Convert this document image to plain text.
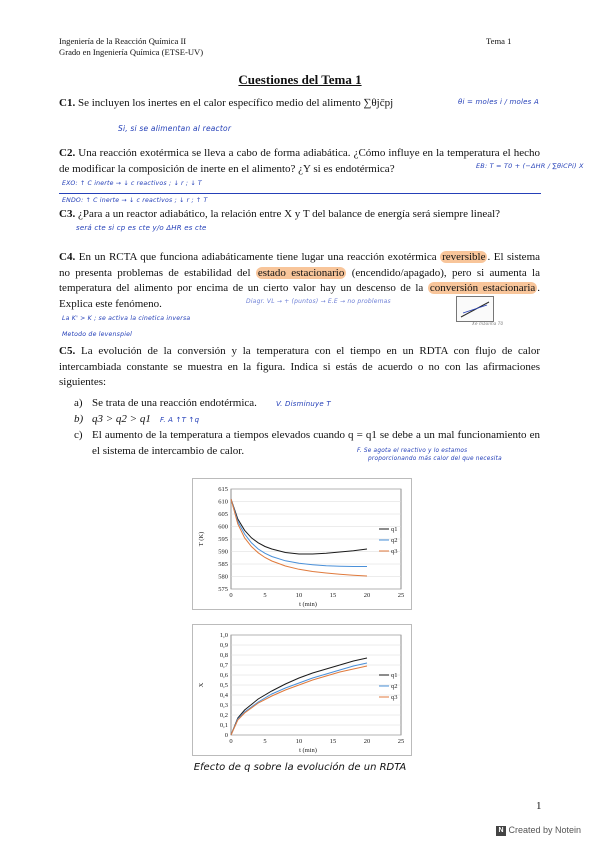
Ingeniería de la Reacción Química II
Grado en Ingeniería Química (ETSE-UV)
Tema 1
Cuestiones del Tema 1
C1. Se incluyen los inertes en el calor específico medio del alimento ∑θjc̄pj	θi = moles i / moles A
Si, si se alimentan al reactor
C2. Una reacción exotérmica se lleva a cabo de forma adiabática. ¿Cómo influye en la temperatura el hecho de modificar la composición de inerte en el alimento? ¿Y si es endotérmica?	EB: T = T0 + (−ΔHR / ∑θiCPi) X
EXO: ↑ C inerte → ↓ c reactivos ; ↓ r ; ↓ T
ENDO: ↑ C inerte → ↓ c reactivos ; ↓ r ; ↑ T
C3. ¿Para a un reactor adiabático, la relación entre X y T del balance de energía será siempre lineal?
será cte si cp es cte y/o ΔHR es cte
C4. En un RCTA que funciona adiabáticamente tiene lugar una reacción exotérmica reversible . El sistema no presenta problemas de estabilidad del estado estacionario (encendido/apagado), pero si aumenta la temperatura del alimento por encima de un cierto valor hay un descenso de la conversión estacionaria . Explica este fenómeno.	Diagr. VL → + (puntos) → E.E → no problemas
La K' > K ; se activa la cinetica inversa
Metodo de levenspiel
Xe máxima T0
C5. La evolución de la conversión y la temperatura con el tiempo en un RDTA con flujo de calor intercambiada constante se muestra en la figura. Indica si estás de acuerdo o no con las afirmaciones siguientes:
a) Se trata de una reacción endotérmica.	V. Disminuye T
b) q3 > q2 > q1 F. A ↑T ↑q
c) El aumento de la temperatura a tiempos elevados cuando q = q1 se debe a un mal funcionamiento en el sistema de intercambio de calor.	F. Se agota el reactivo y lo estamos
proporcionando más calor del que necesita
575
580
585
590
595
600
605
610
615
0	5	10	15	20	25
t (min)
T (K)
q1
q2
q3
0
0,1
0,2
0,3
0,4
0,5
0,6
0,7
0,8
0,9
1,0
0	5	10	15	20	25
t (min)
X
q1
q2
q3
Efecto de q sobre la evolución de un RDTA
1
N Created by Notein
